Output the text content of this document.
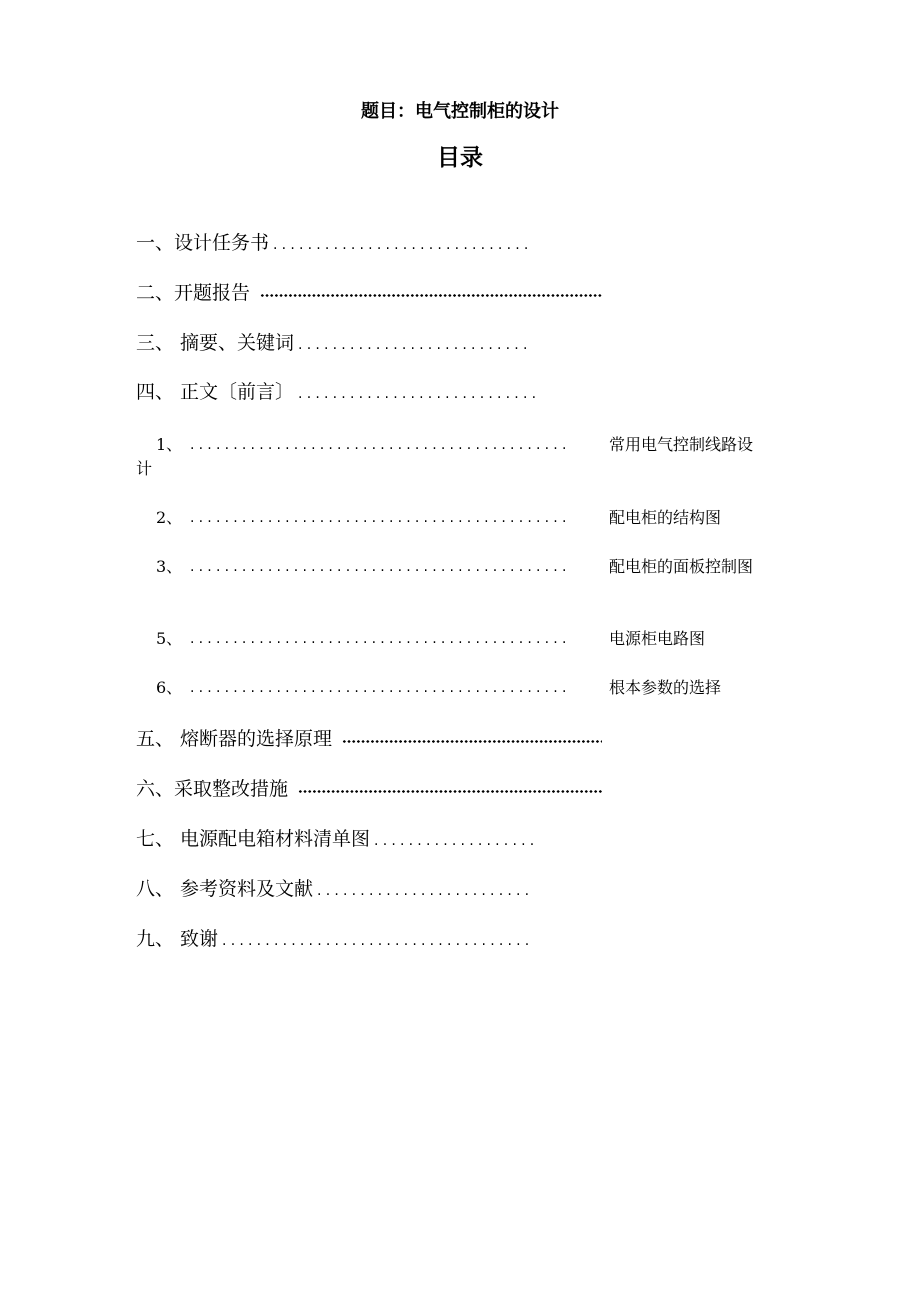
题目：电气控制柜的设计
目录
一、设计任务书 ..............................
二、开题报告
三、 摘要、关键词 ...........................
四、 正文〔前言〕 ............................
1、 ............................................	常用电气控制线路设
计
2、 ............................................	配电柜的结构图
3、 ............................................	配电柜的面板控制图
5、 ............................................	电源柜电路图
6、 ............................................	根本参数的选择
五、 熔断器的选择原理
六、采取整改措施
七、 电源配电箱材料清单图 ...................
八、 参考资料及文献 .........................
九、 致谢 ....................................
